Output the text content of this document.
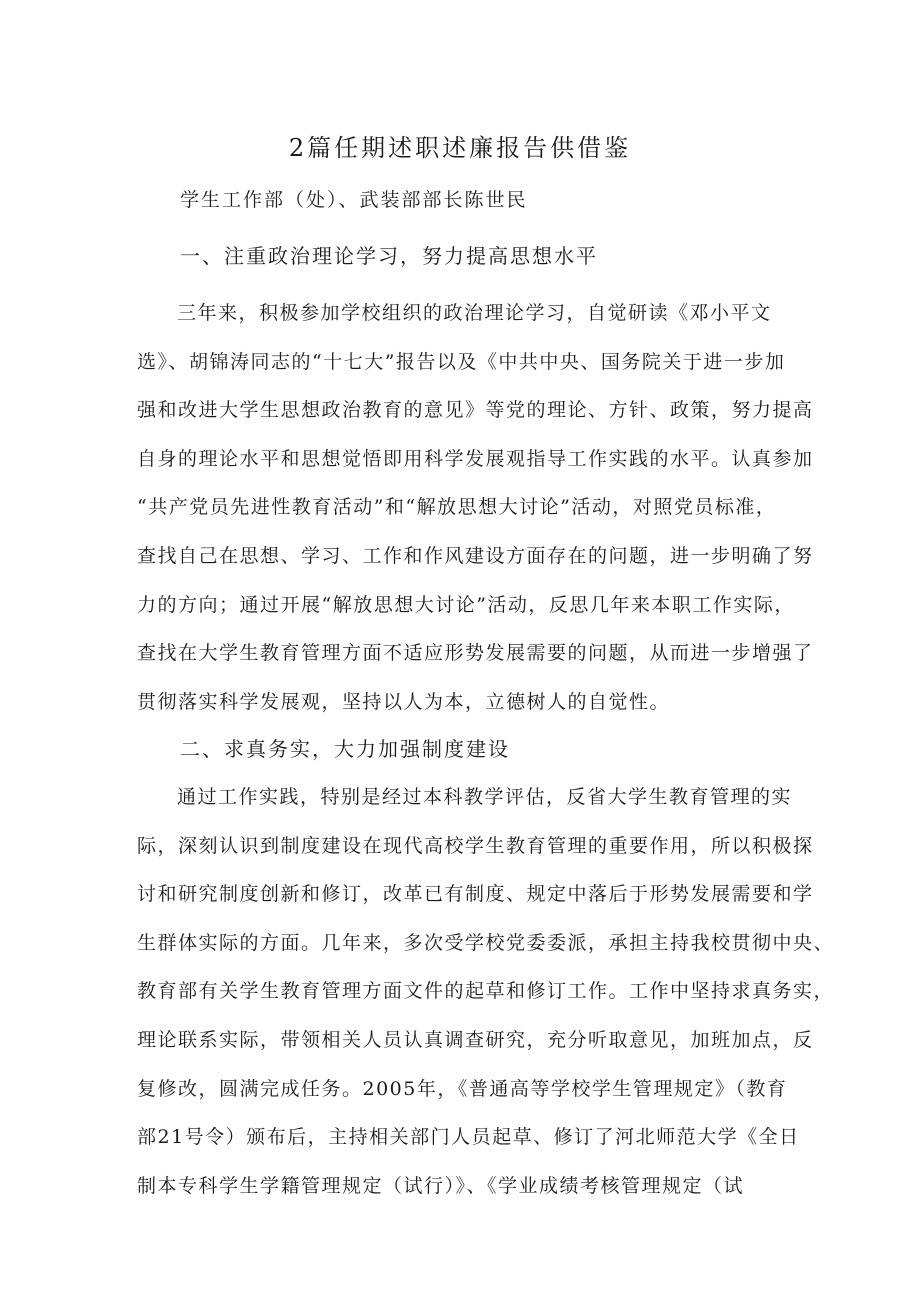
2篇任期述职述廉报告供借鉴
学生工作部（处）、武装部部长陈世民
一、注重政治理论学习，努力提高思想水平
三年来，积极参加学校组织的政治理论学习，自觉研读《邓小平文
选》、胡锦涛同志的“十七大”报告以及《中共中央、国务院关于进一步加
强和改进大学生思想政治教育的意见》等党的理论、方针、政策，努力提高
自身的理论水平和思想觉悟即用科学发展观指导工作实践的水平。认真参加
“共产党员先进性教育活动”和“解放思想大讨论”活动，对照党员标准，
查找自己在思想、学习、工作和作风建设方面存在的问题，进一步明确了努
力的方向；通过开展“解放思想大讨论”活动，反思几年来本职工作实际，
查找在大学生教育管理方面不适应形势发展需要的问题，从而进一步增强了
贯彻落实科学发展观，坚持以人为本，立德树人的自觉性。
二、求真务实，大力加强制度建设
通过工作实践，特别是经过本科教学评估，反省大学生教育管理的实
际，深刻认识到制度建设在现代高校学生教育管理的重要作用，所以积极探
讨和研究制度创新和修订，改革已有制度、规定中落后于形势发展需要和学
生群体实际的方面。几年来，多次受学校党委委派，承担主持我校贯彻中央、
教育部有关学生教育管理方面文件的起草和修订工作。工作中坚持求真务实，
理论联系实际，带领相关人员认真调查研究，充分听取意见，加班加点，反
复修改，圆满完成任务。2005年，《普通高等学校学生管理规定》（教育
部21号令）颁布后，主持相关部门人员起草、修订了河北师范大学《全日
制本专科学生学籍管理规定（试行）》、《学业成绩考核管理规定（试
